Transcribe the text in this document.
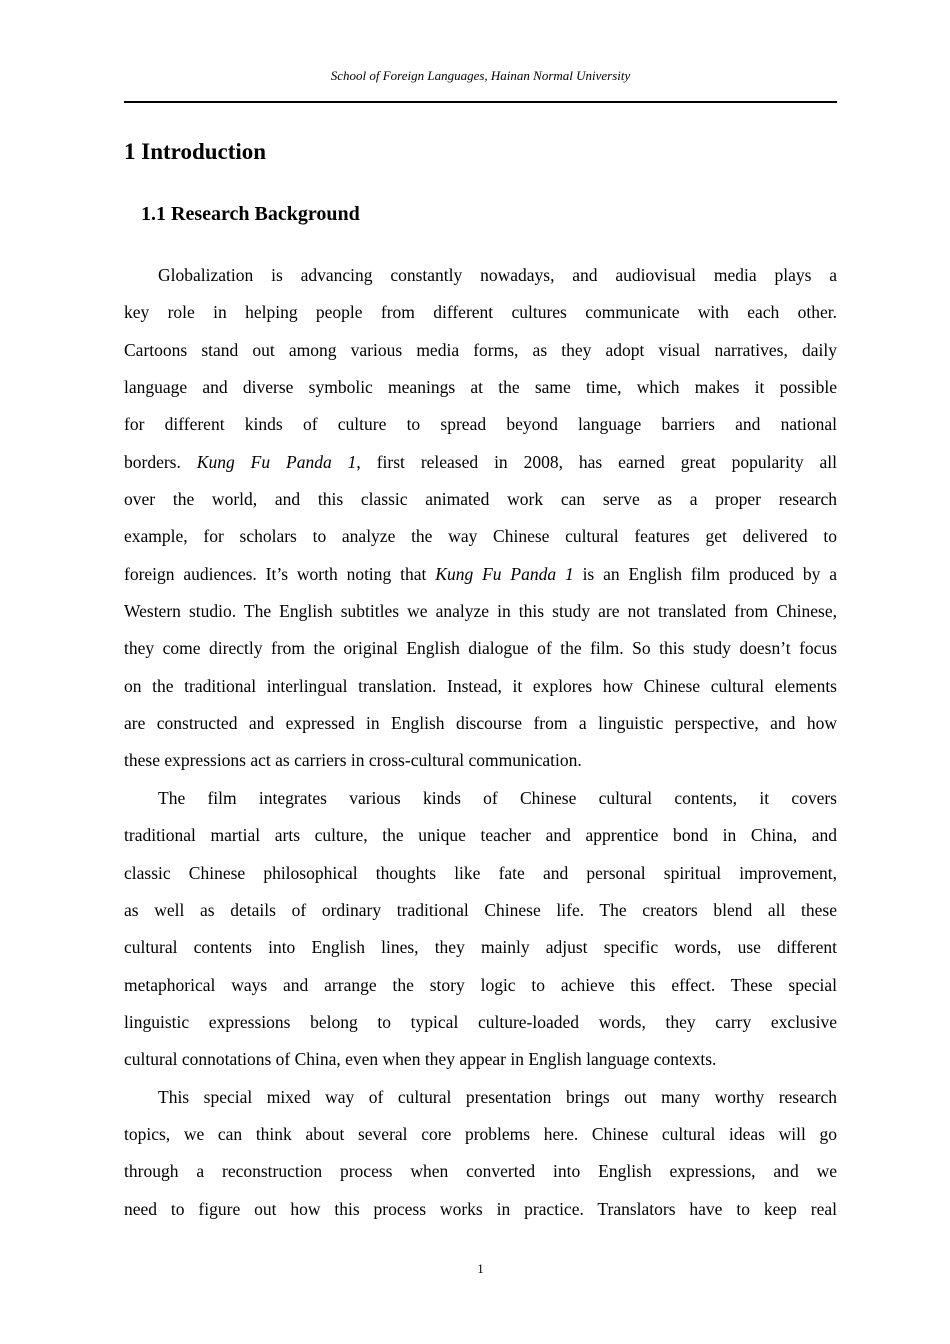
School of Foreign Languages, Hainan Normal University
1 Introduction
1.1 Research Background
Globalization is advancing constantly nowadays, and audiovisual media plays a
key role in helping people from different cultures communicate with each other.
Cartoons stand out among various media forms, as they adopt visual narratives, daily
language and diverse symbolic meanings at the same time, which makes it possible
for different kinds of culture to spread beyond language barriers and national
borders. Kung Fu Panda 1, first released in 2008, has earned great popularity all
over the world, and this classic animated work can serve as a proper research
example, for scholars to analyze the way Chinese cultural features get delivered to
foreign audiences. It’s worth noting that Kung Fu Panda 1 is an English film produced by a
Western studio. The English subtitles we analyze in this study are not translated from Chinese,
they come directly from the original English dialogue of the film. So this study doesn’t focus
on the traditional interlingual translation. Instead, it explores how Chinese cultural elements
are constructed and expressed in English discourse from a linguistic perspective, and how
these expressions act as carriers in cross-cultural communication.
The film integrates various kinds of Chinese cultural contents, it covers
traditional martial arts culture, the unique teacher and apprentice bond in China, and
classic Chinese philosophical thoughts like fate and personal spiritual improvement,
as well as details of ordinary traditional Chinese life. The creators blend all these
cultural contents into English lines, they mainly adjust specific words, use different
metaphorical ways and arrange the story logic to achieve this effect. These special
linguistic expressions belong to typical culture-loaded words, they carry exclusive
cultural connotations of China, even when they appear in English language contexts.
This special mixed way of cultural presentation brings out many worthy research
topics, we can think about several core problems here. Chinese cultural ideas will go
through a reconstruction process when converted into English expressions, and we
need to figure out how this process works in practice. Translators have to keep real
1
